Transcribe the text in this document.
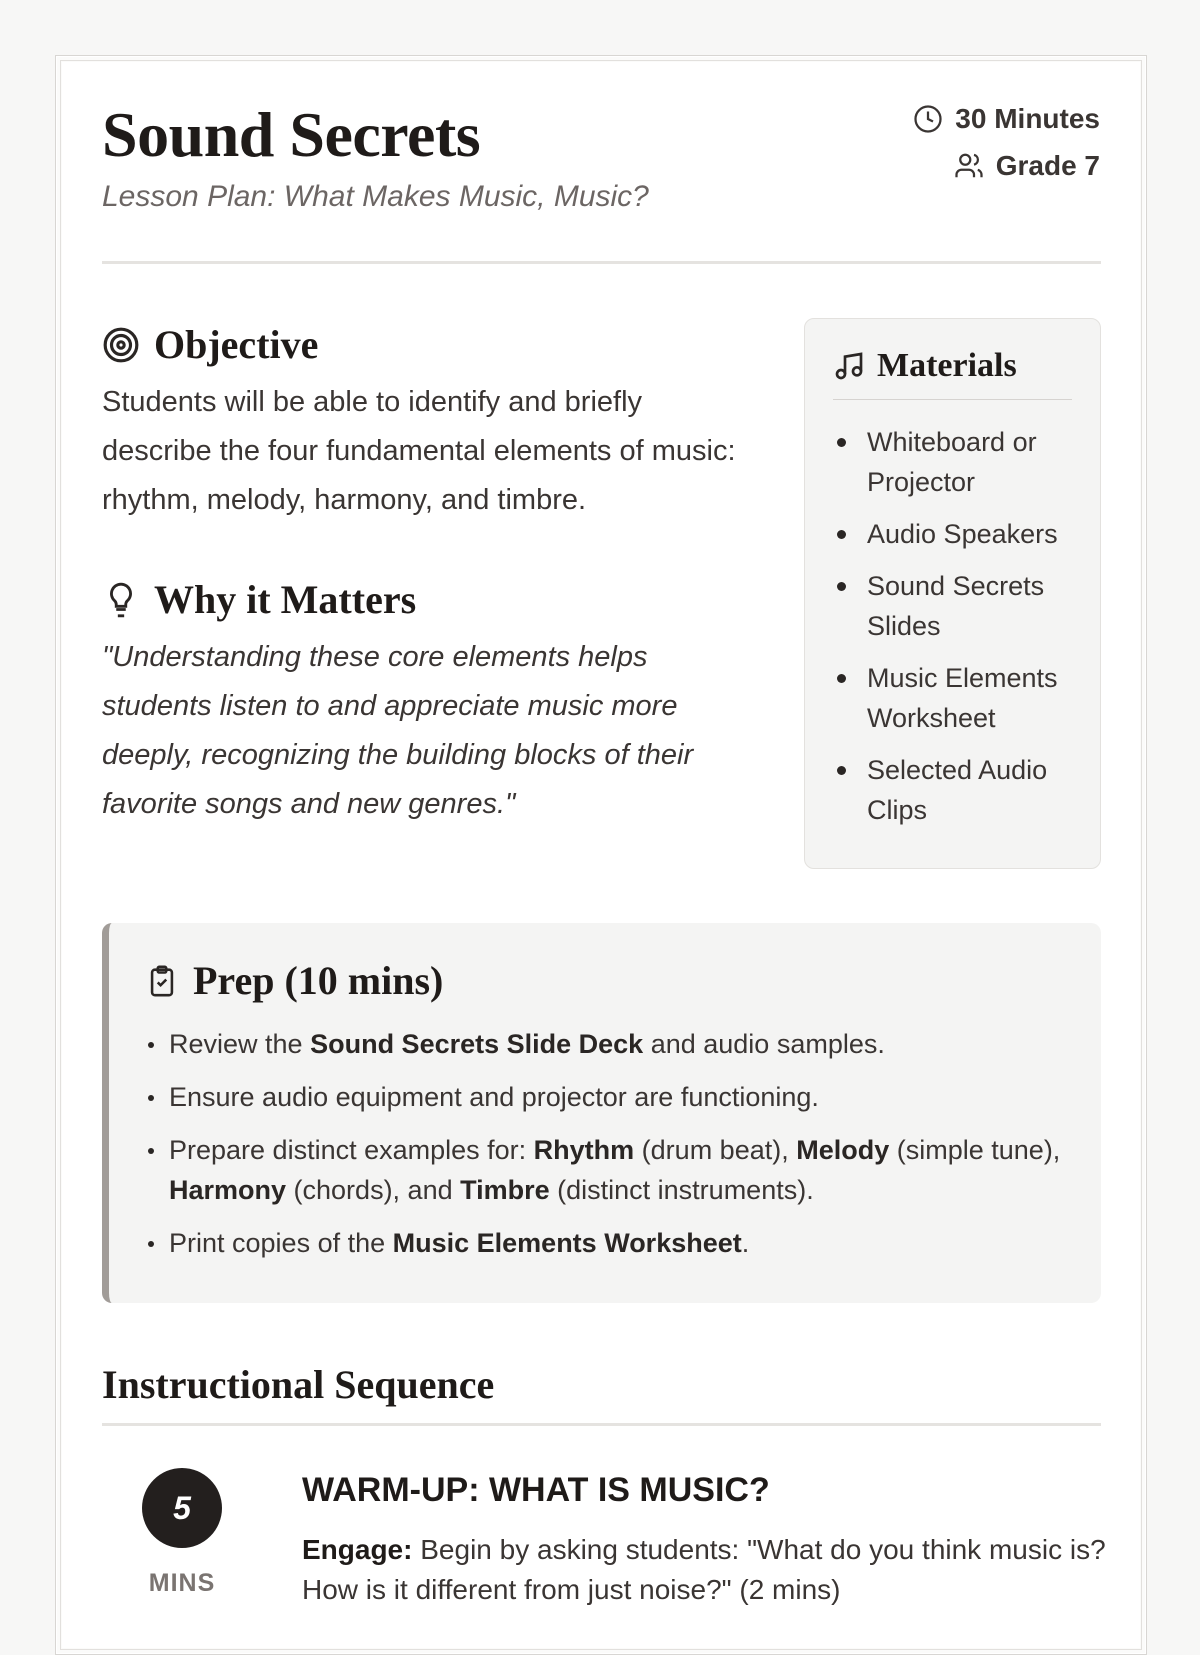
Sound Secrets
Lesson Plan: What Makes Music, Music?
30 Minutes
Grade 7
Objective

Students will be able to identify and briefly describe the four fundamental elements of music: rhythm, melody, harmony, and timbre.

Why it Matters

"Understanding these core elements helps students listen to and appreciate music more deeply, recognizing the building blocks of their favorite songs and new genres."

Materials
Whiteboard or Projector
Audio Speakers
Sound Secrets Slides
Music Elements Worksheet
Selected Audio Clips
Prep (10 mins)
Review the Sound Secrets Slide Deck and audio samples.
Ensure audio equipment and projector are functioning.
Prepare distinct examples for: Rhythm (drum beat), Melody (simple tune), Harmony (chords), and Timbre (distinct instruments).
Print copies of the Music Elements Worksheet.
Instructional Sequence
5
MINS
WARM-UP: WHAT IS MUSIC?
Engage: Begin by asking students: "What do you think music is? How is it different from just noise?" (2 mins)
